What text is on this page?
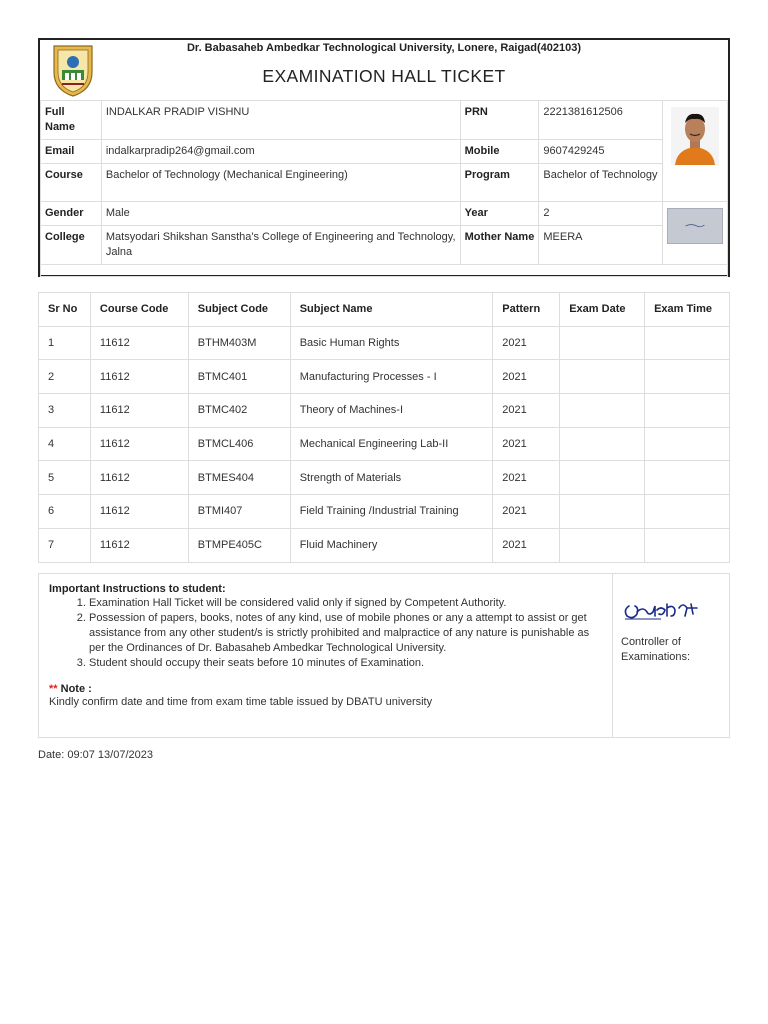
Dr. Babasaheb Ambedkar Technological University, Lonere, Raigad(402103)
EXAMINATION HALL TICKET
Full Name	INDALKAR PRADIP VISHNU	PRN	2221381612506	

Email	indalkarpradip264@gmail.com	Mobile	9607429245	
Course	Bachelor of Technology (Mechanical Engineering)	Program	Bachelor of Technology	
Gender	Male	Year	2	

College	Matsyodari Shikshan Sanstha's College of Engineering and Technology, Jalna	Mother Name	MEERA	

Sr No	Course Code	Subject Code	Subject Name	Pattern	Exam Date	Exam Time
1	11612	BTHM403M	Basic Human Rights	2021		
2	11612	BTMC401	Manufacturing Processes - I	2021		
3	11612	BTMC402	Theory of Machines-I	2021		
4	11612	BTMCL406	Mechanical Engineering Lab-II	2021		
5	11612	BTMES404	Strength of Materials	2021		
6	11612	BTMI407	Field Training /Industrial Training	2021		
7	11612	BTMPE405C	Fluid Machinery	2021		
Important Instructions to student:
1. Examination Hall Ticket will be considered valid only if signed by Competent Authority.
2. Possession of papers, books, notes of any kind, use of mobile phones or any a attempt to assist or get assistance from any other student/s is strictly prohibited and malpractice of any nature is punishable as per the Ordinances of Dr. Babasaheb Ambedkar Technological University.
3. Student should occupy their seats before 10 minutes of Examination.
** Note :
Kindly confirm date and time from exam time table issued by DBATU university
Controller of Examinations:
Date: 09:07 13/07/2023
